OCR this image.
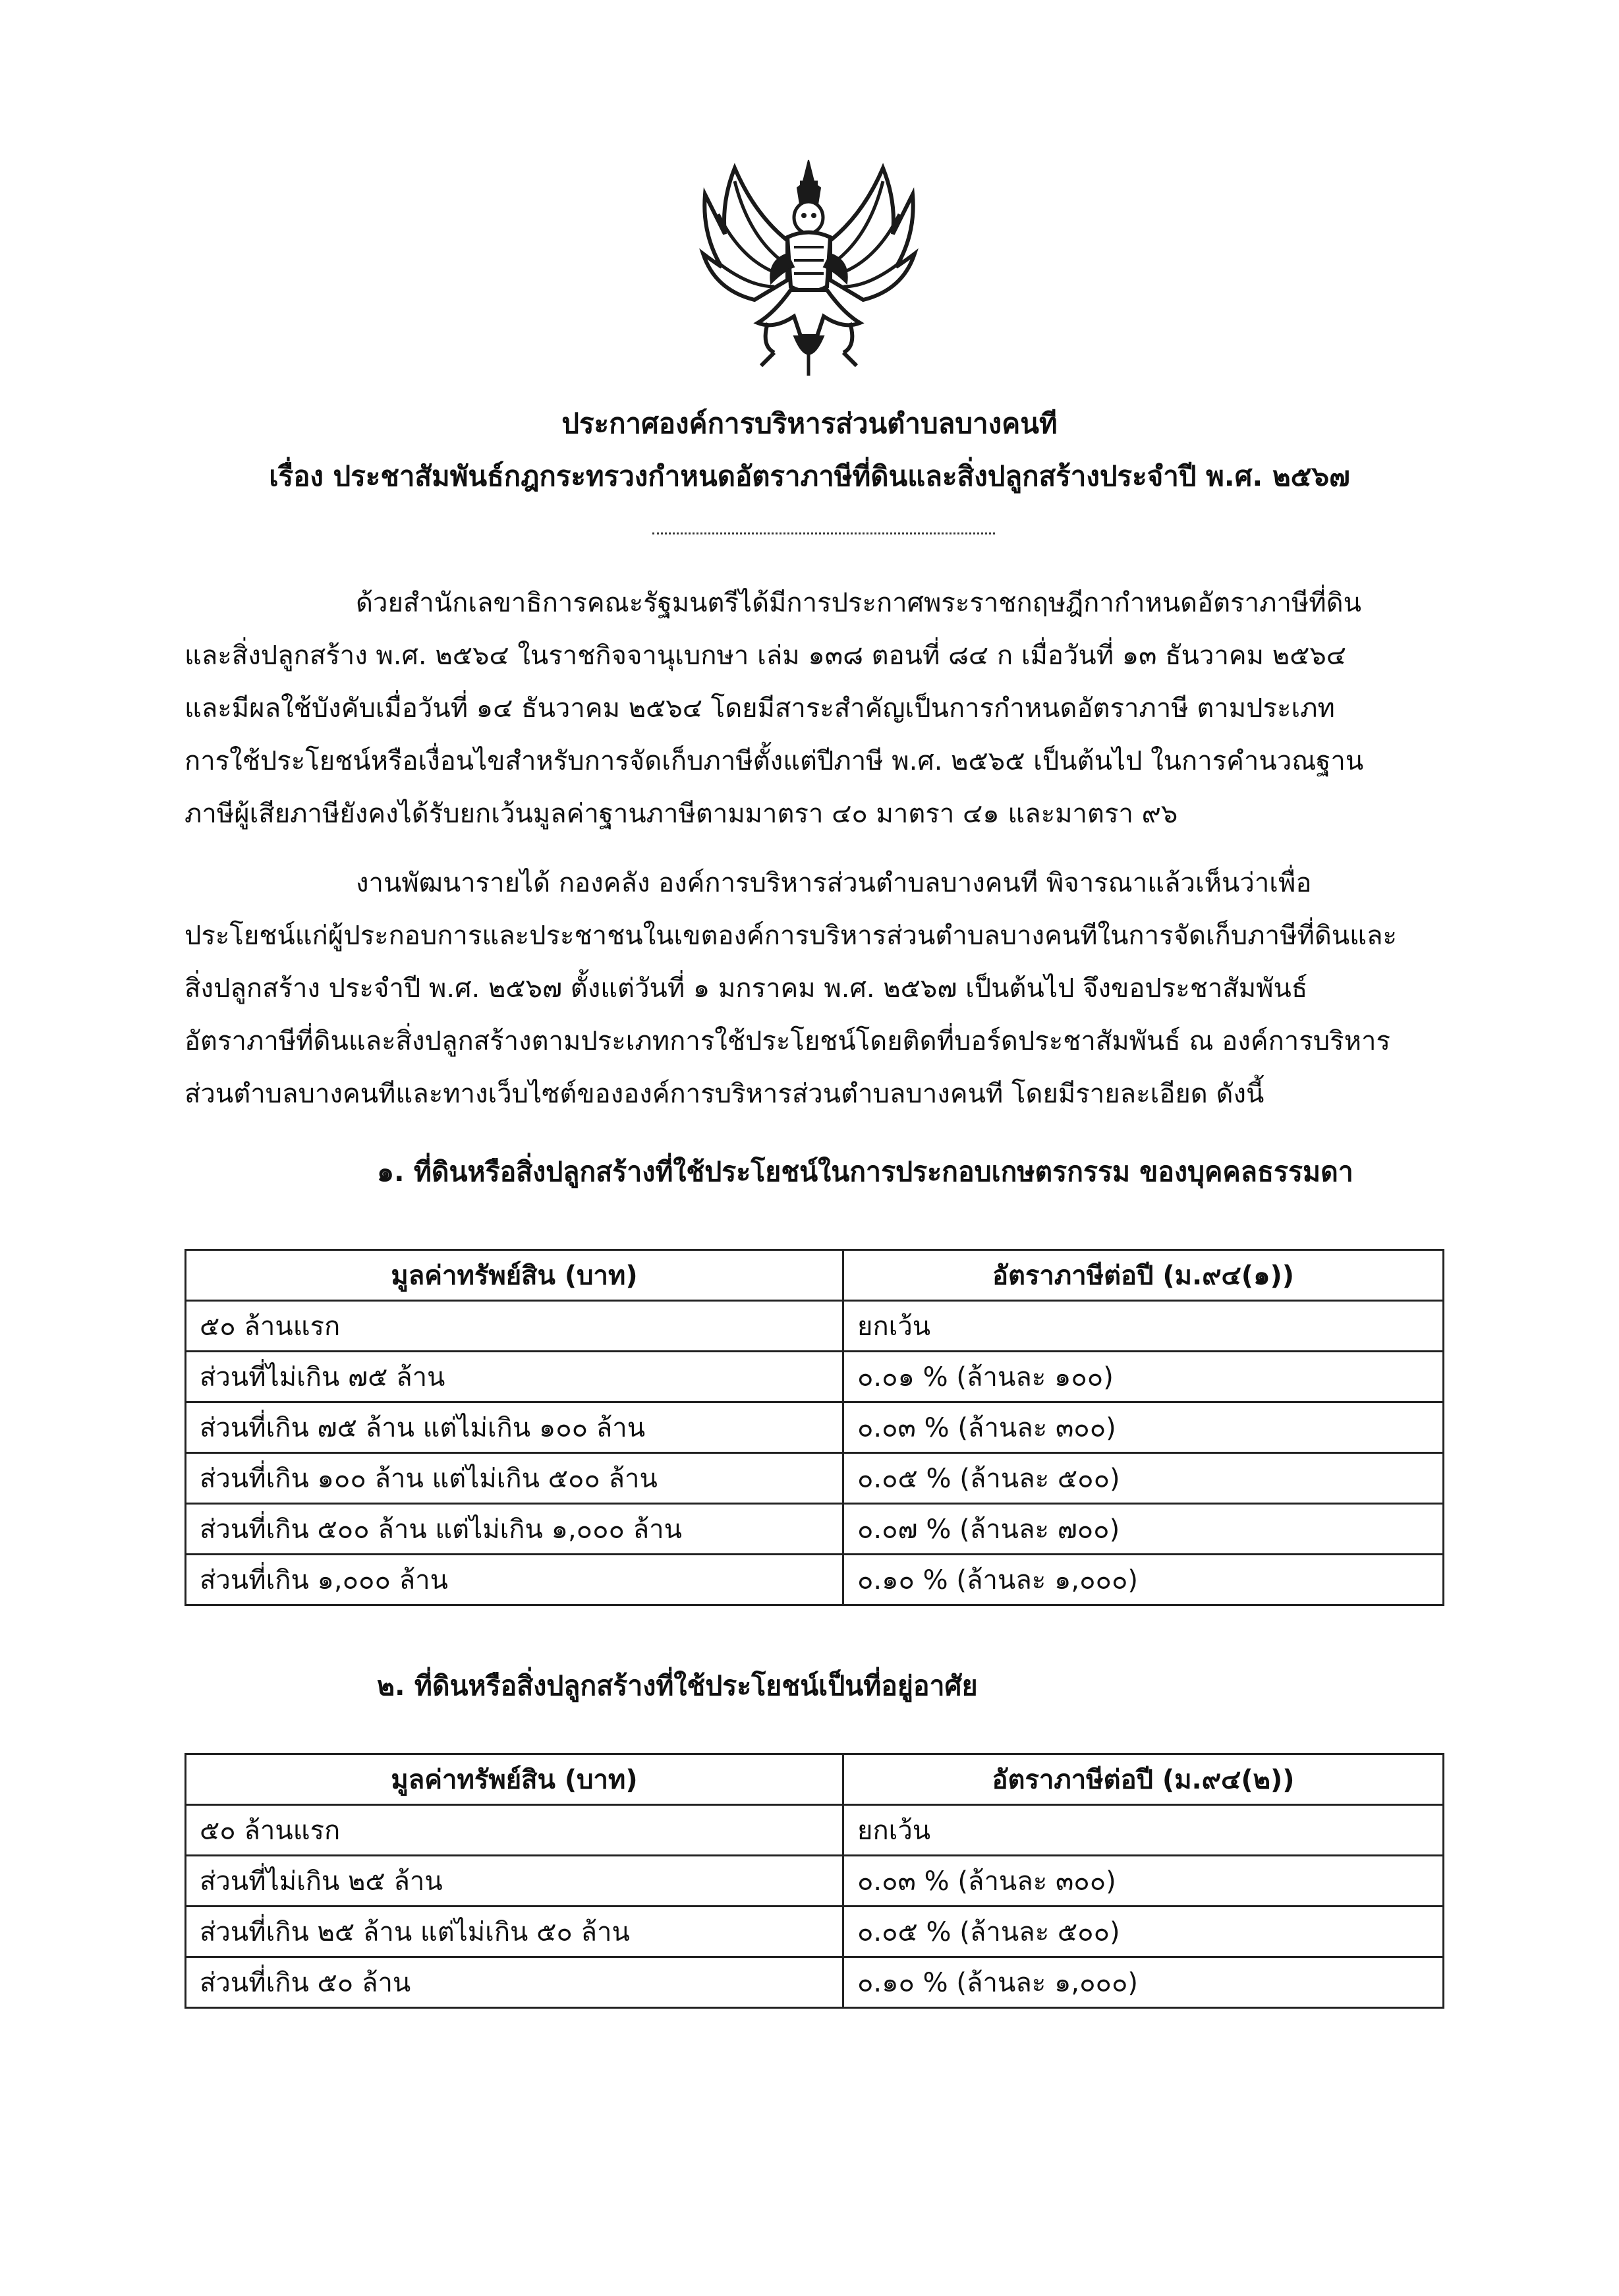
ประกาศองค์การบริหารส่วนตำบลบางคนที
เรื่อง ประชาสัมพันธ์กฎกระทรวงกำหนดอัตราภาษีที่ดินและสิ่งปลูกสร้างประจำปี พ.ศ. ๒๕๖๗
ด้วยสำนักเลขาธิการคณะรัฐมนตรีได้มีการประกาศพระราชกฤษฎีกากำหนดอัตราภาษีที่ดิน
และสิ่งปลูกสร้าง พ.ศ. ๒๕๖๔ ในราชกิจจานุเบกษา เล่ม ๑๓๘ ตอนที่ ๘๔ ก เมื่อวันที่ ๑๓ ธันวาคม ๒๕๖๔
และมีผลใช้บังคับเมื่อวันที่ ๑๔ ธันวาคม ๒๕๖๔ โดยมีสาระสำคัญเป็นการกำหนดอัตราภาษี ตามประเภท
การใช้ประโยชน์หรือเงื่อนไขสำหรับการจัดเก็บภาษีตั้งแต่ปีภาษี พ.ศ. ๒๕๖๕ เป็นต้นไป ในการคำนวณฐาน
ภาษีผู้เสียภาษียังคงได้รับยกเว้นมูลค่าฐานภาษีตามมาตรา ๔๐ มาตรา ๔๑ และมาตรา ๙๖
งานพัฒนารายได้ กองคลัง องค์การบริหารส่วนตำบลบางคนที พิจารณาแล้วเห็นว่าเพื่อ
ประโยชน์แก่ผู้ประกอบการและประชาชนในเขตองค์การบริหารส่วนตำบลบางคนทีในการจัดเก็บภาษีที่ดินและ
สิ่งปลูกสร้าง ประจำปี พ.ศ. ๒๕๖๗ ตั้งแต่วันที่ ๑ มกราคม พ.ศ. ๒๕๖๗ เป็นต้นไป จึงขอประชาสัมพันธ์
อัตราภาษีที่ดินและสิ่งปลูกสร้างตามประเภทการใช้ประโยชน์โดยติดที่บอร์ดประชาสัมพันธ์ ณ องค์การบริหาร
ส่วนตำบลบางคนทีและทางเว็บไซต์ขององค์การบริหารส่วนตำบลบางคนที โดยมีรายละเอียด ดังนี้
๑. ที่ดินหรือสิ่งปลูกสร้างที่ใช้ประโยชน์ในการประกอบเกษตรกรรม ของบุคคลธรรมดา
มูลค่าทรัพย์สิน (บาท)	อัตราภาษีต่อปี (ม.๙๔(๑))
๕๐ ล้านแรก	ยกเว้น
ส่วนที่ไม่เกิน ๗๕ ล้าน	๐.๐๑ % (ล้านละ ๑๐๐)
ส่วนที่เกิน ๗๕ ล้าน แต่ไม่เกิน ๑๐๐ ล้าน	๐.๐๓ % (ล้านละ ๓๐๐)
ส่วนที่เกิน ๑๐๐ ล้าน แต่ไม่เกิน ๕๐๐ ล้าน	๐.๐๕ % (ล้านละ ๕๐๐)
ส่วนที่เกิน ๕๐๐ ล้าน แต่ไม่เกิน ๑,๐๐๐ ล้าน	๐.๐๗ % (ล้านละ ๗๐๐)
ส่วนที่เกิน ๑,๐๐๐ ล้าน	๐.๑๐ % (ล้านละ ๑,๐๐๐)
๒. ที่ดินหรือสิ่งปลูกสร้างที่ใช้ประโยชน์เป็นที่อยู่อาศัย
มูลค่าทรัพย์สิน (บาท)	อัตราภาษีต่อปี (ม.๙๔(๒))
๕๐ ล้านแรก	ยกเว้น
ส่วนที่ไม่เกิน ๒๕ ล้าน	๐.๐๓ % (ล้านละ ๓๐๐)
ส่วนที่เกิน ๒๕ ล้าน แต่ไม่เกิน ๕๐ ล้าน	๐.๐๕ % (ล้านละ ๕๐๐)
ส่วนที่เกิน ๕๐ ล้าน	๐.๑๐ % (ล้านละ ๑,๐๐๐)
